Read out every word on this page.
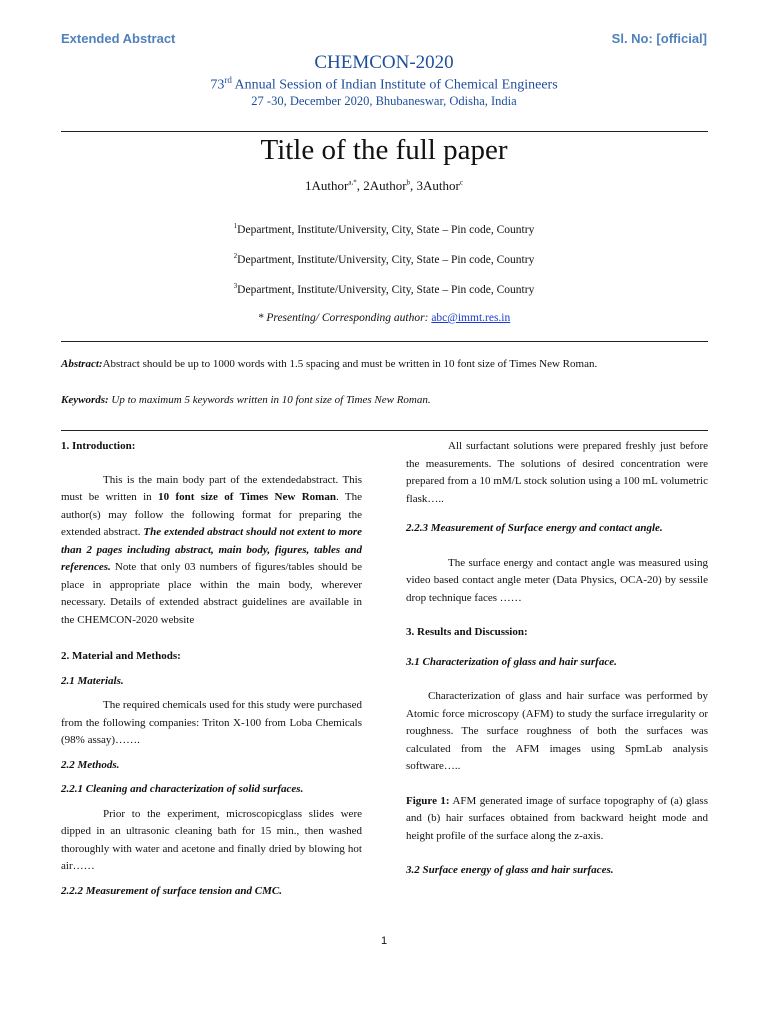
Extended Abstract	Sl. No: [official]
CHEMCON-2020
73rd Annual Session of Indian Institute of Chemical Engineers
27 -30, December 2020, Bhubaneswar, Odisha, India
Title of the full paper
1Author$^{a,*}$, 2Author$^b$, 3Author$^c$
$^1$Department, Institute/University, City, State – Pin code, Country
$^2$Department, Institute/University, City, State – Pin code, Country
$^3$Department, Institute/University, City, State – Pin code, Country
* Presenting/ Corresponding author: abc@immt.res.in
Abstract:Abstract should be up to 1000 words with 1.5 spacing and must be written in 10 font size of Times New Roman.
Keywords: Up to maximum 5 keywords written in 10 font size of Times New Roman.

1. Introduction:

This is the main body part of the extendedabstract. This must be written in 10 font size of Times New Roman. The author(s) may follow the following format for preparing the extended abstract. The extended abstract should not extent to more than 2 pages including abstract, main body, figures, tables and references. Note that only 03 numbers of figures/tables should be place in appropriate place within the main body, wherever necessary. Details of extended abstract guidelines are available in the CHEMCON-2020 website

2. Material and Methods:

2.1 Materials.

The required chemicals used for this study were purchased from the following companies: Triton X-100 from Loba Chemicals (98% assay)…….

2.2 Methods.

2.2.1 Cleaning and characterization of solid surfaces.

Prior to the experiment, microscopicglass slides were dipped in an ultrasonic cleaning bath for 15 min., then washed thoroughly with water and acetone and finally dried by blowing hot air……

2.2.2 Measurement of surface tension and CMC.

All surfactant solutions were prepared freshly just before the measurements. The solutions of desired concentration were prepared from a 10 mM/L stock solution using a 100 mL volumetric flask…..

2.2.3 Measurement of Surface energy and contact angle.

The surface energy and contact angle was measured using video based contact angle meter (Data Physics, OCA-20) by sessile drop technique faces ……

3. Results and Discussion:

3.1 Characterization of glass and hair surface.

Characterization of glass and hair surface was performed by Atomic force microscopy (AFM) to study the surface irregularity or roughness. The surface roughness of both the surfaces was calculated from the AFM images using SpmLab analysis software…..

Figure 1: AFM generated image of surface topography of (a) glass and (b) hair surfaces obtained from backward height mode and height profile of the surface along the z-axis.

3.2 Surface energy of glass and hair surfaces.

1
